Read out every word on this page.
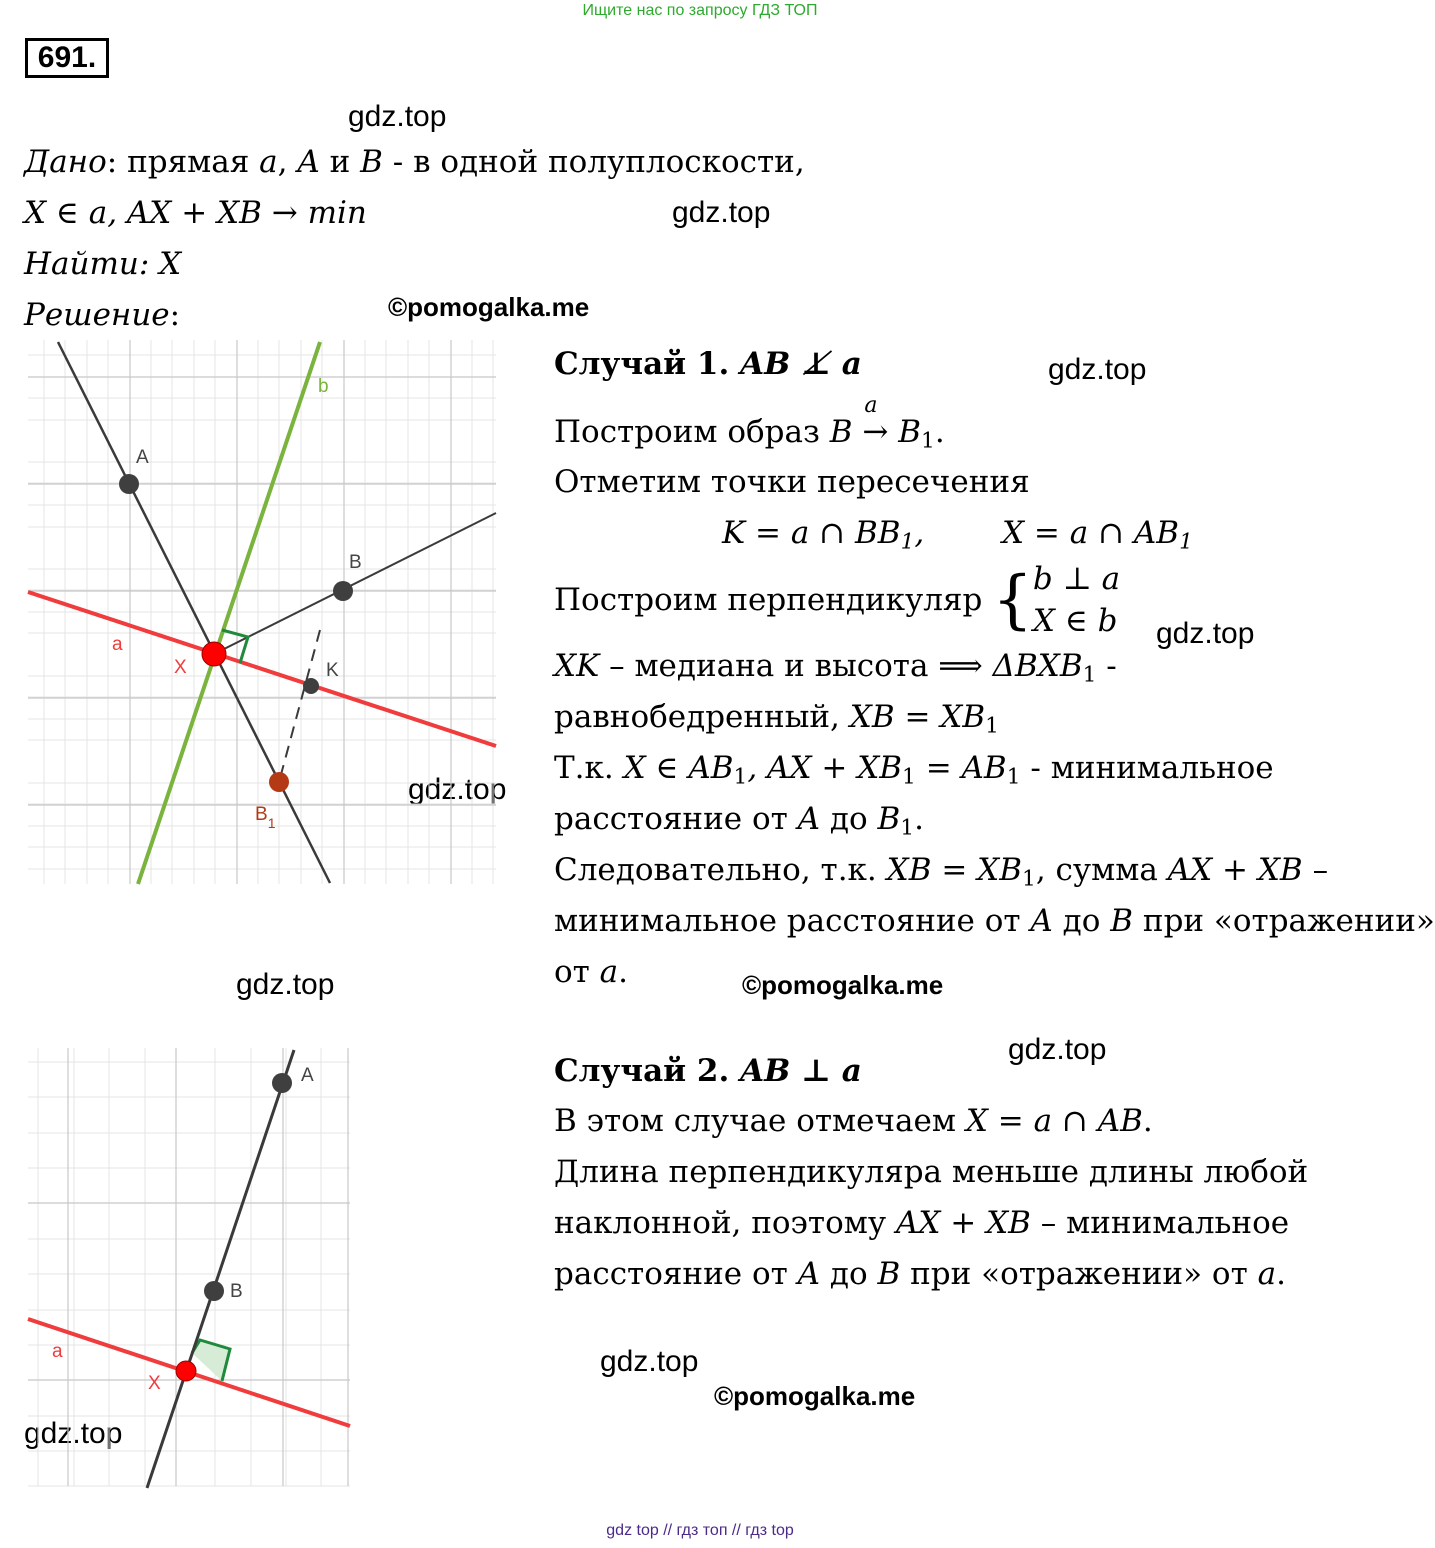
Ищите нас по запросу ГДЗ ТОП
691.
gdz.top
gdz.top
©pomogalka.me
gdz.top
gdz.top
gdz.top
gdz.top	©pomogalka.me
gdz.top
gdz.top
©pomogalka.me
gdz.top
Дано: прямая a, A и B - в одной полуплоскости,
X ∈ a, AX + XB → min
Найти: X
Решение:
A
B
K
X
a
b
$B_1$
Случай 1. AB ⊥̸ a
Построим образ B
a
→ $B_1$.
Отметим точки пересечения
K = a ∩ $BB_1$,	X = a ∩ $AB_1$
Построим перпендикуляр {b ⊥ a
X ∈ b
XK – медиана и высота ⟹ $\Delta BXB_1$ -
равнобедренный, XB = $XB_1$
Т.к. X ∈ $AB_1$, AX + $XB_1 = AB_1$ - минимальное
расстояние от A до $B_1$.
Следовательно, т.к. XB = $XB_1$, сумма AX + XB –
минимальное расстояние от A до B при «отражении»
от a.
A
B
X
a
Случай 2. AB ⊥ a
В этом случае отмечаем X = a ∩ AB.
Длина перпендикуляра меньше длины любой
наклонной, поэтому AX + XB – минимальное
расстояние от A до B при «отражении» от a.
gdz top // гдз топ // гдз top
